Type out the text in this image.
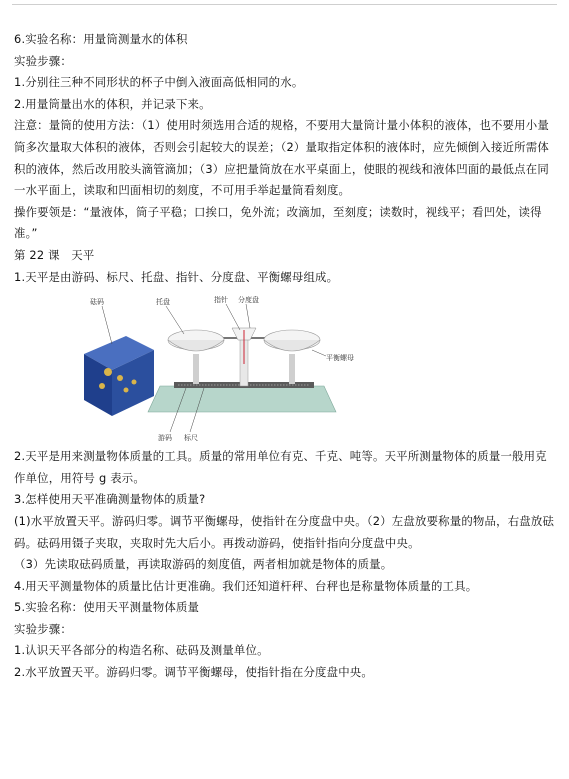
6.实验名称：用量筒测量水的体积

实验步骤：

1.分别往三种不同形状的杯子中倒入液面高低相同的水。

2.用量筒量出水的体积，并记录下来。

注意：量筒的使用方法：（1）使用时须选用合适的规格，不要用大量筒计量小体积的液体，也不要用小量筒多次量取大体积的液体，否则会引起较大的误差；（2）量取指定体积的液体时，应先倾倒入接近所需体积的液体，然后改用胶头滴管滴加；（3）应把量筒放在水平桌面上，使眼的视线和液体凹面的最低点在同一水平面上，读取和凹面相切的刻度，不可用手举起量筒看刻度。

操作要领是：“量液体，筒子平稳；口挨口，免外流；改滴加，至刻度；读数时，视线平；看凹处，读得准。”

第 22 课　天平

1.天平是由游码、标尺、托盘、指针、分度盘、平衡螺母组成。

砝码	托盘	指针 分度盘
平衡螺母
游码 标尺

2.天平是用来测量物体质量的工具。质量的常用单位有克、千克、吨等。天平所测量物体的质量一般用克作单位，用符号 g 表示。

3.怎样使用天平准确测量物体的质量?

(1)水平放置天平。游码归零。调节平衡螺母，使指针在分度盘中央。（2）左盘放要称量的物品，右盘放砝码。砝码用镊子夹取，夹取时先大后小。再拨动游码，使指针指向分度盘中央。

（3）先读取砝码质量，再读取游码的刻度值，两者相加就是物体的质量。

4.用天平测量物体的质量比估计更准确。我们还知道杆秤、台秤也是称量物体质量的工具。

5.实验名称：使用天平测量物体质量

实验步骤：

1.认识天平各部分的构造名称、砝码及测量单位。

2.水平放置天平。游码归零。调节平衡螺母，使指针指在分度盘中央。
